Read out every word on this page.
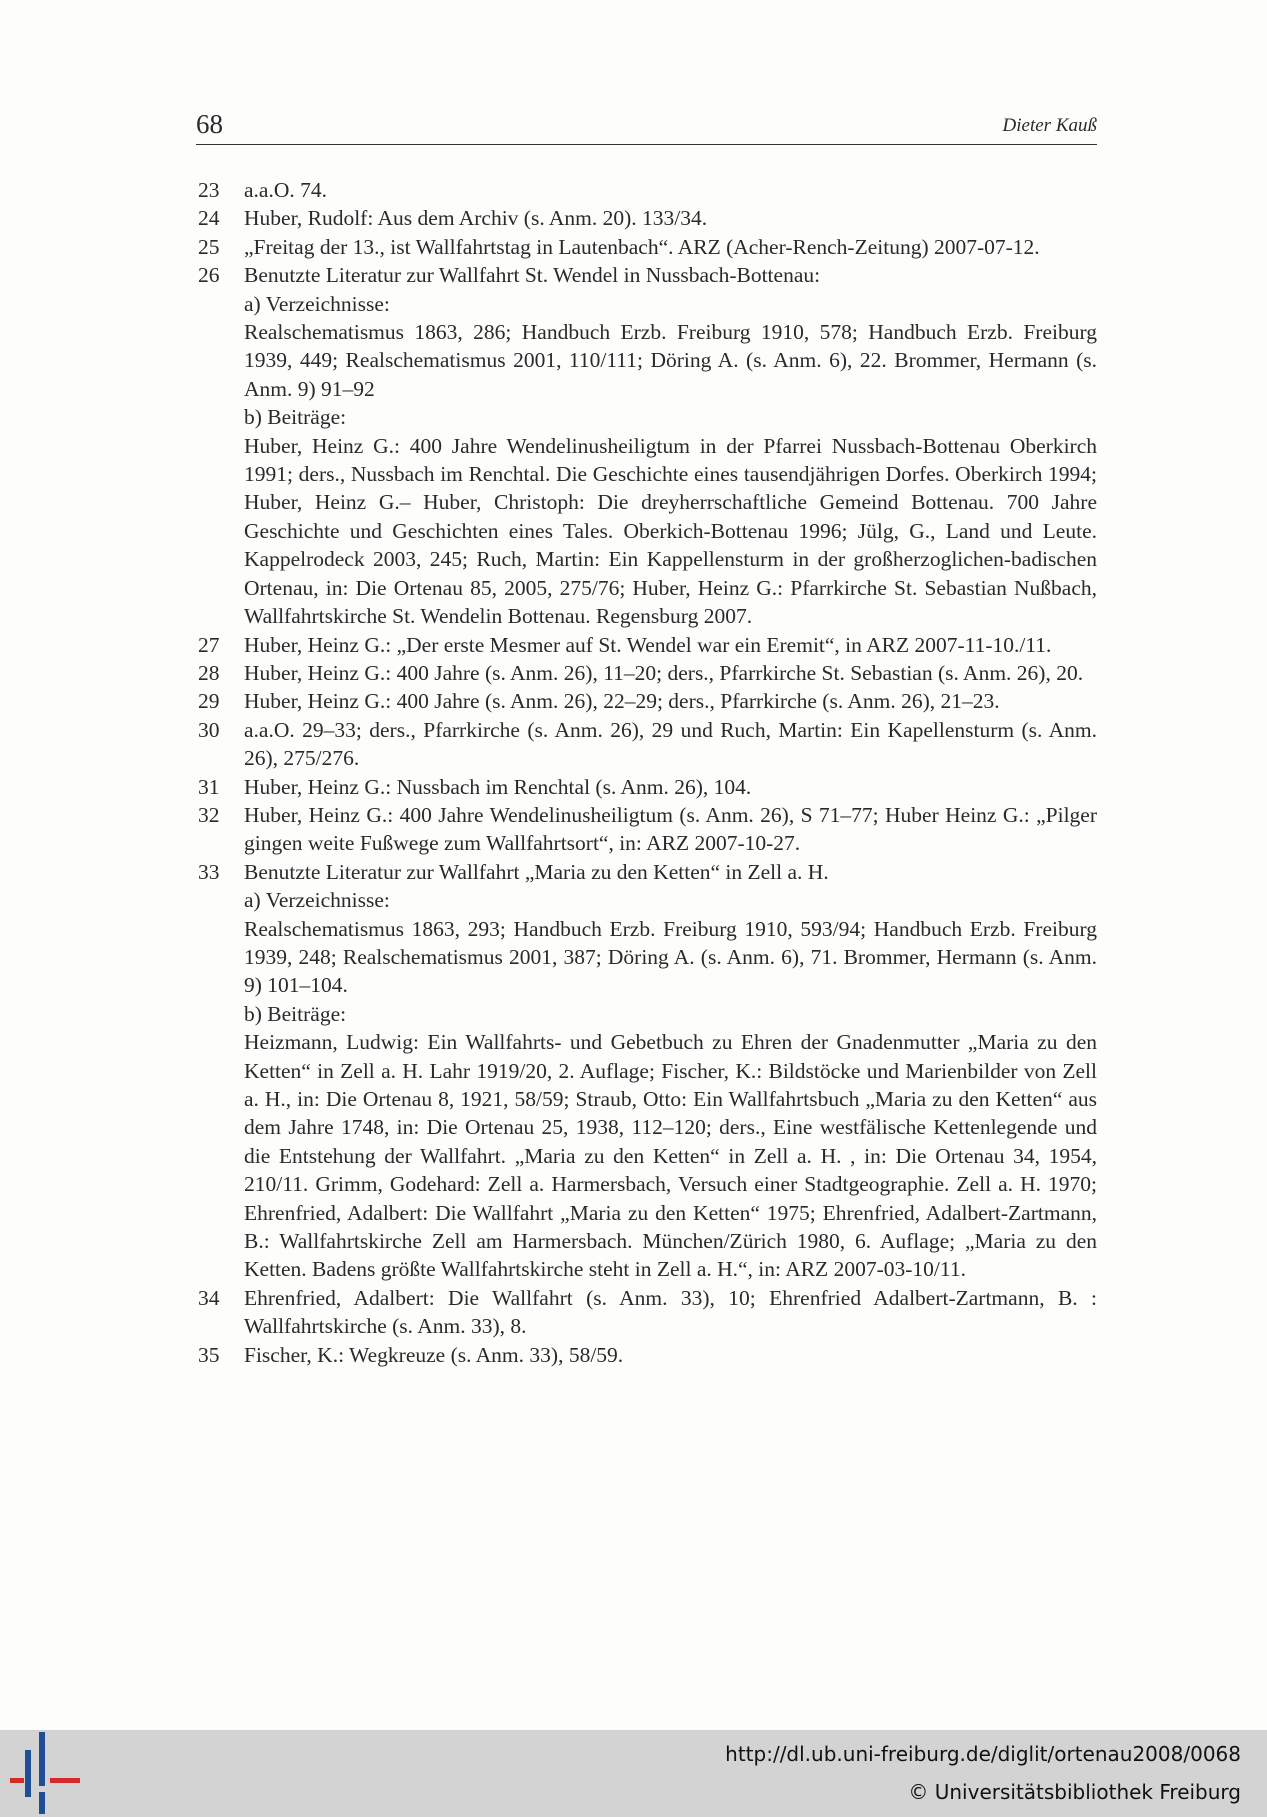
68	Dieter Kauß
23	a.a.O. 74.

24	Huber, Rudolf: Aus dem Archiv (s. Anm. 20). 133/34.

25	„Freitag der 13., ist Wallfahrtstag in Lautenbach“. ARZ (Acher-Rench-Zeitung) 2007-07-12.

26	Benutzte Literatur zur Wallfahrt St. Wendel in Nussbach-Bottenau:

a) Verzeichnisse:

Realschematismus 1863, 286; Handbuch Erzb. Freiburg 1910, 578; Handbuch Erzb. Freiburg 1939, 449; Realschematismus 2001, 110/111; Döring A. (s. Anm. 6), 22. Brommer, Hermann (s. Anm. 9) 91–92

b) Beiträge:

Huber, Heinz G.: 400 Jahre Wendelinusheiligtum in der Pfarrei Nussbach-Bottenau Oberkirch 1991; ders., Nussbach im Renchtal. Die Geschichte eines tausendjährigen Dorfes. Oberkirch 1994; Huber, Heinz G.– Huber, Christoph: Die dreyherrschaftliche Gemeind Bottenau. 700 Jahre Geschichte und Geschichten eines Tales. Oberkich-Bottenau 1996; Jülg, G., Land und Leute. Kappelrodeck 2003, 245; Ruch, Martin: Ein Kappellensturm in der großherzoglichen-badischen Ortenau, in: Die Ortenau 85, 2005, 275/76; Huber, Heinz G.: Pfarrkirche St. Sebastian Nußbach, Wallfahrtskirche St. Wendelin Bottenau. Regensburg 2007.

27	Huber, Heinz G.: „Der erste Mesmer auf St. Wendel war ein Eremit“, in ARZ 2007-11-10./11.

28	Huber, Heinz G.: 400 Jahre (s. Anm. 26), 11–20; ders., Pfarrkirche St. Sebastian (s. Anm. 26), 20.

29	Huber, Heinz G.: 400 Jahre (s. Anm. 26), 22–29; ders., Pfarrkirche (s. Anm. 26), 21–23.

30	a.a.O. 29–33; ders., Pfarrkirche (s. Anm. 26), 29 und Ruch, Martin: Ein Kapellensturm (s. Anm. 26), 275/276.

31	Huber, Heinz G.: Nussbach im Renchtal (s. Anm. 26), 104.

32	Huber, Heinz G.: 400 Jahre Wendelinusheiligtum (s. Anm. 26), S 71–77; Huber Heinz G.: „Pilger gingen weite Fußwege zum Wallfahrtsort“, in: ARZ 2007-10-27.

33	Benutzte Literatur zur Wallfahrt „Maria zu den Ketten“ in Zell a. H.

a) Verzeichnisse:

Realschematismus 1863, 293; Handbuch Erzb. Freiburg 1910, 593/94; Handbuch Erzb. Freiburg 1939, 248; Realschematismus 2001, 387; Döring A. (s. Anm. 6), 71. Brommer, Hermann (s. Anm. 9) 101–104.

b) Beiträge:

Heizmann, Ludwig: Ein Wallfahrts- und Gebetbuch zu Ehren der Gnadenmutter „Maria zu den Ketten“ in Zell a. H. Lahr 1919/20, 2. Auflage; Fischer, K.: Bildstöcke und Marienbilder von Zell a. H., in: Die Ortenau 8, 1921, 58/59; Straub, Otto: Ein Wallfahrtsbuch „Maria zu den Ketten“ aus dem Jahre 1748, in: Die Ortenau 25, 1938, 112–120; ders., Eine westfälische Kettenlegende und die Entstehung der Wallfahrt. „Maria zu den Ketten“ in Zell a. H. , in: Die Ortenau 34, 1954, 210/11. Grimm, Godehard: Zell a. Harmersbach, Versuch einer Stadtgeographie. Zell a. H. 1970; Ehrenfried, Adalbert: Die Wallfahrt „Maria zu den Ketten“ 1975; Ehrenfried, Adalbert-Zartmann, B.: Wallfahrtskirche Zell am Harmersbach. München/Zürich 1980, 6. Auflage; „Maria zu den Ketten. Badens größte Wallfahrtskirche steht in Zell a. H.“, in: ARZ 2007-03-10/11.

34	Ehrenfried, Adalbert: Die Wallfahrt (s. Anm. 33), 10; Ehrenfried Adalbert-Zartmann, B. : Wallfahrtskirche (s. Anm. 33), 8.

35	Fischer, K.: Wegkreuze (s. Anm. 33), 58/59.

http://dl.ub.uni-freiburg.de/diglit/ortenau2008/0068
© Universitätsbibliothek Freiburg
